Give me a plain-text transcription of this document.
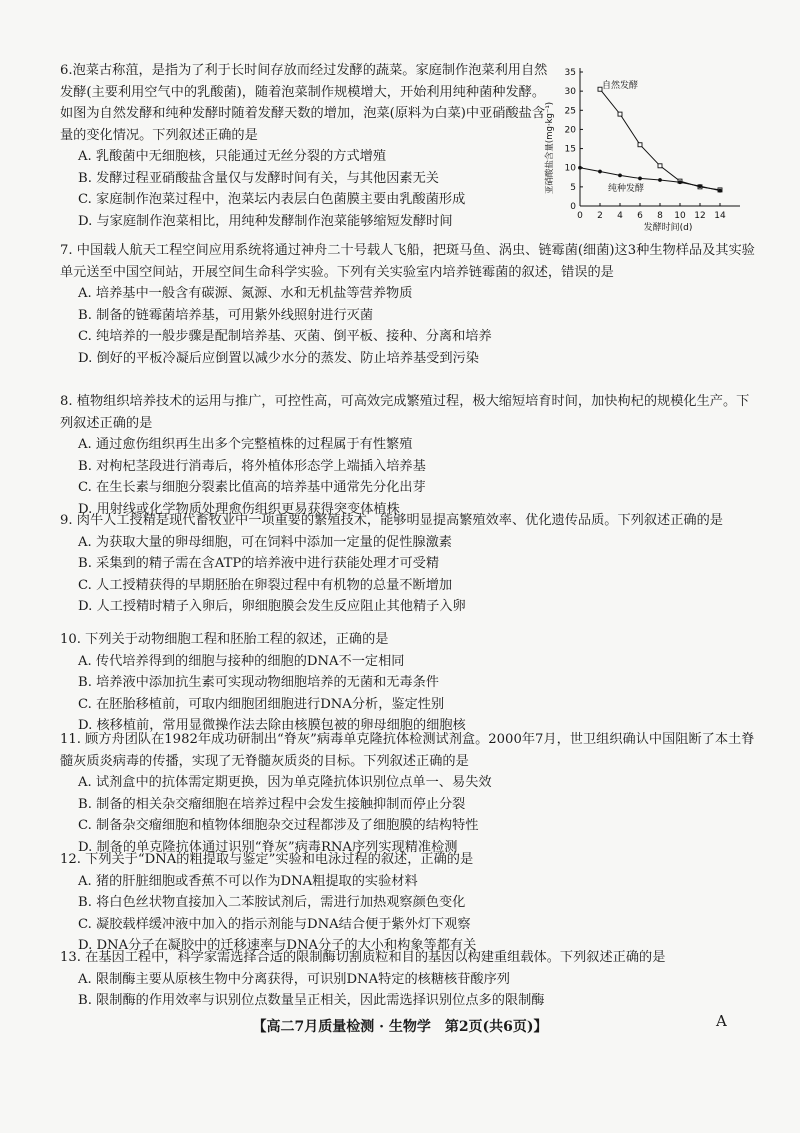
6.泡菜古称菹，是指为了利于长时间存放而经过发酵的蔬菜。家庭制作泡菜利用自然发酵(主要利用空气中的乳酸菌)，随着泡菜制作规模增大，开始利用纯种菌种发酵。如图为自然发酵和纯种发酵时随着发酵天数的增加，泡菜(原料为白菜)中亚硝酸盐含量的变化情况。下列叙述正确的是

A. 乳酸菌中无细胞核，只能通过无丝分裂的方式增殖
B. 发酵过程亚硝酸盐含量仅与发酵时间有关，与其他因素无关
C. 家庭制作泡菜过程中，泡菜坛内表层白色菌膜主要由乳酸菌形成
D. 与家庭制作泡菜相比，用纯种发酵制作泡菜能够缩短发酵时间	0 2 4 6 8 10 12 14
0
5
10
15
20
25
30
35
亚硝酸盐含量(mg·kg⁻¹)
发酵时间(d)
自然发酵
纯种发酵

7. 中国载人航天工程空间应用系统将通过神舟二十号载人飞船，把斑马鱼、涡虫、链霉菌(细菌)这3种生物样品及其实验单元送至中国空间站，开展空间生命科学实验。下列有关实验室内培养链霉菌的叙述，错误的是

A. 培养基中一般含有碳源、氮源、水和无机盐等营养物质
B. 制备的链霉菌培养基，可用紫外线照射进行灭菌
C. 纯培养的一般步骤是配制培养基、灭菌、倒平板、接种、分离和培养
D. 倒好的平板冷凝后应倒置以减少水分的蒸发、防止培养基受到污染

8. 植物组织培养技术的运用与推广，可控性高，可高效完成繁殖过程，极大缩短培育时间，加快枸杞的规模化生产。下列叙述正确的是

A. 通过愈伤组织再生出多个完整植株的过程属于有性繁殖
B. 对枸杞茎段进行消毒后，将外植体形态学上端插入培养基
C. 在生长素与细胞分裂素比值高的培养基中通常先分化出芽
D. 用射线或化学物质处理愈伤组织更易获得突变体植株

9. 肉牛人工授精是现代畜牧业中一项重要的繁殖技术，能够明显提高繁殖效率、优化遗传品质。下列叙述正确的是

A. 为获取大量的卵母细胞，可在饲料中添加一定量的促性腺激素
B. 采集到的精子需在含ATP的培养液中进行获能处理才可受精
C. 人工授精获得的早期胚胎在卵裂过程中有机物的总量不断增加
D. 人工授精时精子入卵后，卵细胞膜会发生反应阻止其他精子入卵

10. 下列关于动物细胞工程和胚胎工程的叙述，正确的是

A. 传代培养得到的细胞与接种的细胞的DNA不一定相同
B. 培养液中添加抗生素可实现动物细胞培养的无菌和无毒条件
C. 在胚胎移植前，可取内细胞团细胞进行DNA分析，鉴定性别
D. 核移植前，常用显微操作法去除由核膜包被的卵母细胞的细胞核

11. 顾方舟团队在1982年成功研制出“脊灰”病毒单克隆抗体检测试剂盒。2000年7月，世卫组织确认中国阻断了本土脊髓灰质炎病毒的传播，实现了无脊髓灰质炎的目标。下列叙述正确的是

A. 试剂盒中的抗体需定期更换，因为单克隆抗体识别位点单一、易失效
B. 制备的相关杂交瘤细胞在培养过程中会发生接触抑制而停止分裂
C. 制备杂交瘤细胞和植物体细胞杂交过程都涉及了细胞膜的结构特性
D. 制备的单克隆抗体通过识别“脊灰”病毒RNA序列实现精准检测

12. 下列关于“DNA的粗提取与鉴定”实验和电泳过程的叙述，正确的是

A. 猪的肝脏细胞或香蕉不可以作为DNA粗提取的实验材料
B. 将白色丝状物直接加入二苯胺试剂后，需进行加热观察颜色变化
C. 凝胶载样缓冲液中加入的指示剂能与DNA结合便于紫外灯下观察
D. DNA分子在凝胶中的迁移速率与DNA分子的大小和构象等都有关

13. 在基因工程中，科学家需选择合适的限制酶切割质粒和目的基因以构建重组载体。下列叙述正确的是

A. 限制酶主要从原核生物中分离获得，可识别DNA特定的核糖核苷酸序列
B. 限制酶的作用效率与识别位点数量呈正相关，因此需选择识别位点多的限制酶
【高二7月质量检测 · 生物学　第2页(共6页)】	A
